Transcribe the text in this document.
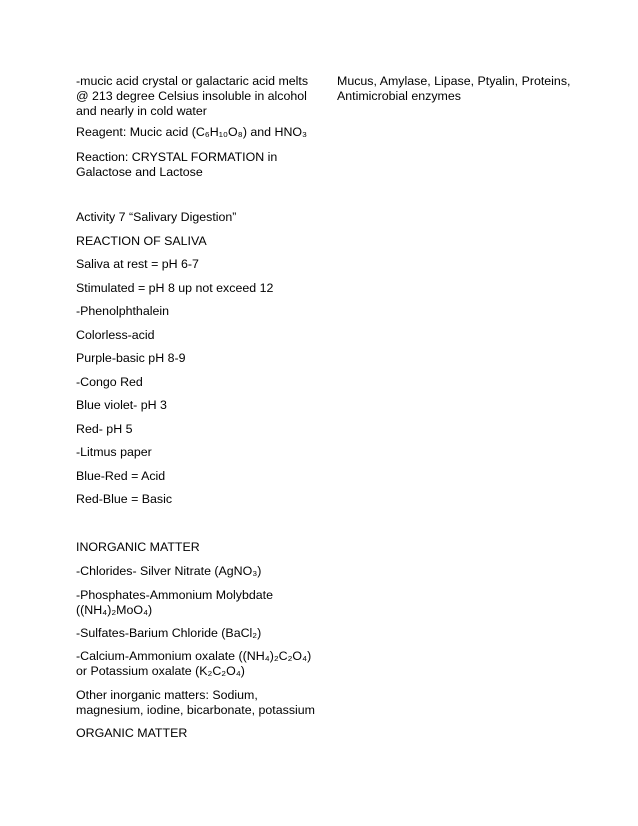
-mucic acid crystal or galactaric acid melts

@ 213 degree Celsius insoluble in alcohol

and nearly in cold water

Reagent: Mucic acid (C₆H₁₀O₈) and HNO₃

Reaction: CRYSTAL FORMATION in

Galactose and Lactose

Activity 7 “Salivary Digestion”

REACTION OF SALIVA

Saliva at rest = pH 6-7

Stimulated = pH 8 up not exceed 12

-Phenolphthalein

Colorless-acid

Purple-basic pH 8-9

-Congo Red

Blue violet- pH 3

Red- pH 5

-Litmus paper

Blue-Red = Acid

Red-Blue = Basic

INORGANIC MATTER

-Chlorides- Silver Nitrate (AgNO₃)

-Phosphates-Ammonium Molybdate

((NH₄)₂MoO₄)

-Sulfates-Barium Chloride (BaCl₂)

-Calcium-Ammonium oxalate ((NH₄)₂C₂O₄)

or Potassium oxalate (K₂C₂O₄)

Other inorganic matters: Sodium,

magnesium, iodine, bicarbonate, potassium

ORGANIC MATTER

Mucus, Amylase, Lipase, Ptyalin, Proteins,

Antimicrobial enzymes
